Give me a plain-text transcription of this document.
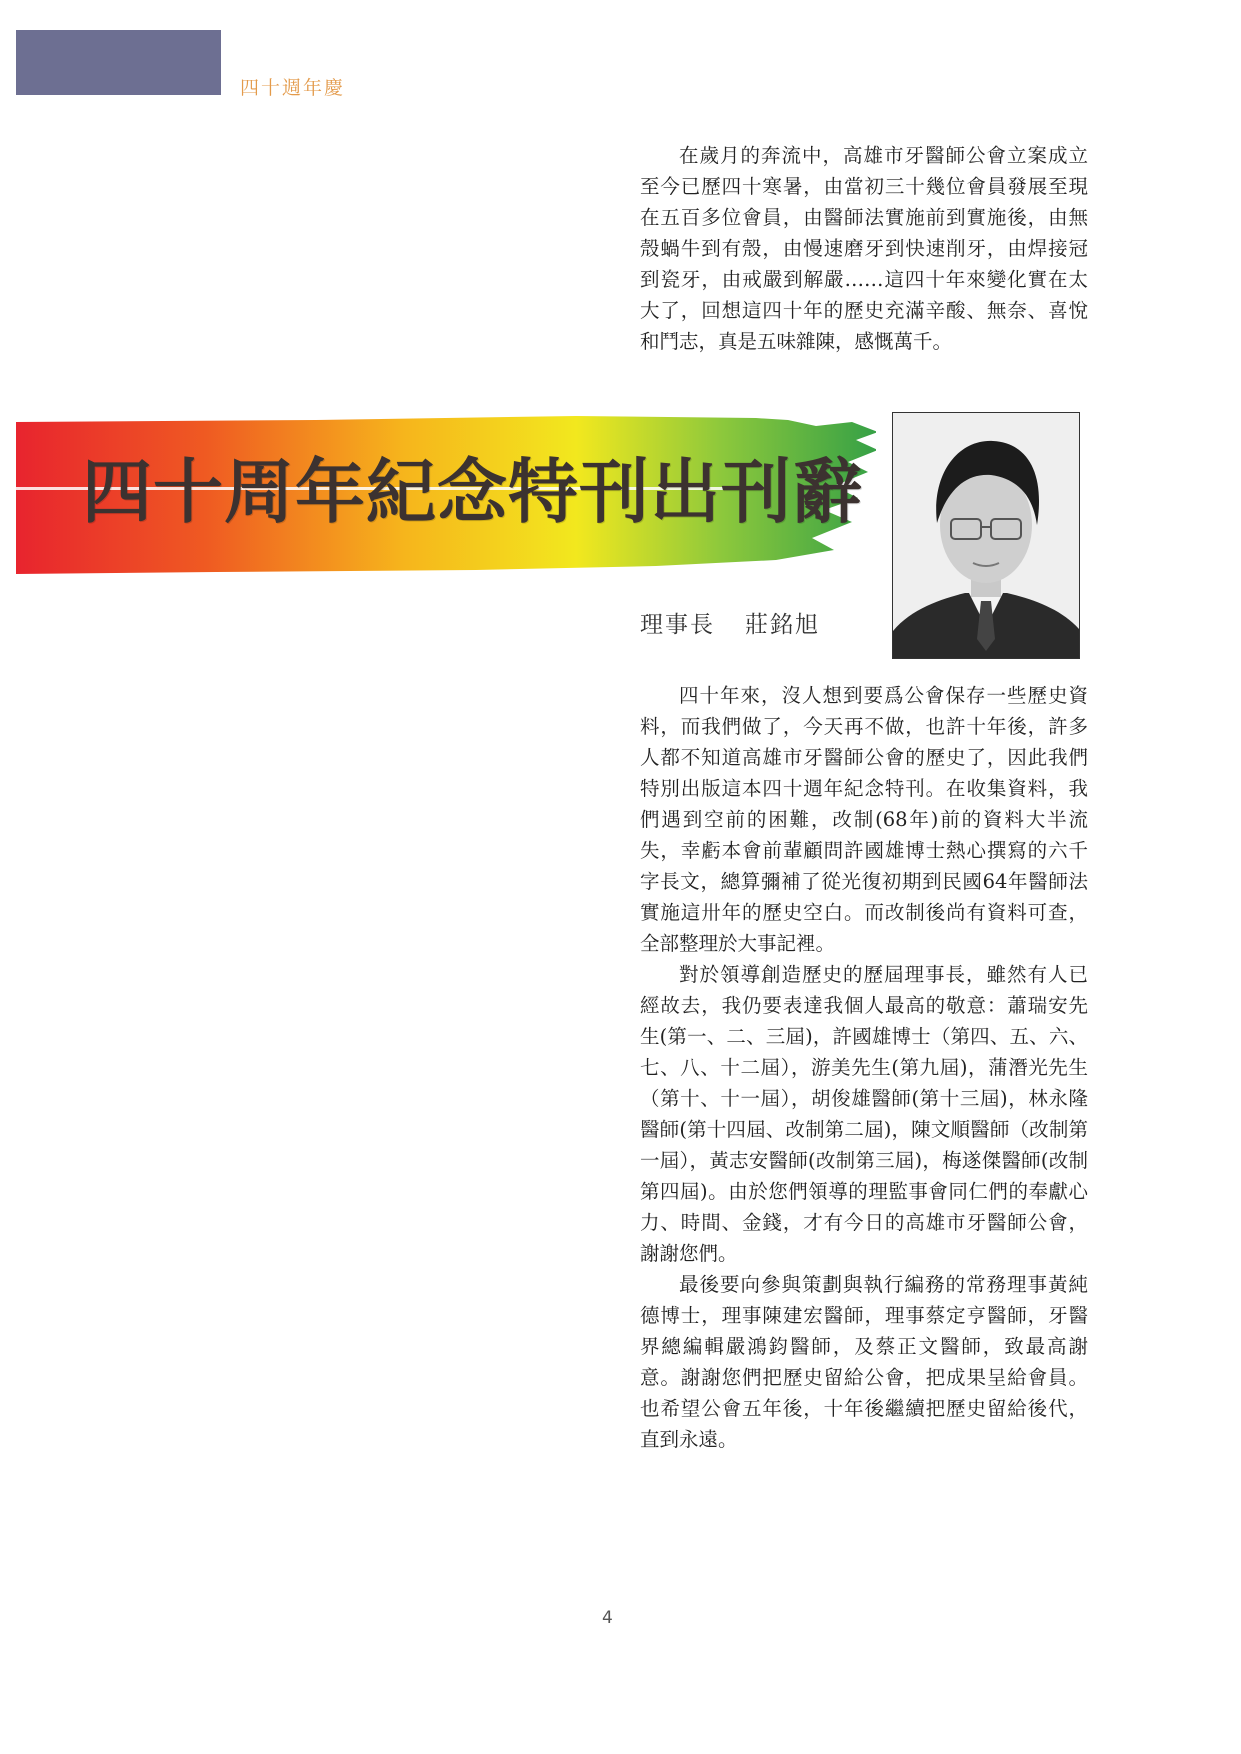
四十週年慶

在歲月的奔流中，高雄市牙醫師公會立案成立至今已歷四十寒暑，由當初三十幾位會員發展至現在五百多位會員，由醫師法實施前到實施後，由無殼蝸牛到有殼，由慢速磨牙到快速削牙，由焊接冠到瓷牙，由戒嚴到解嚴……這四十年來變化實在太大了，回想這四十年的歷史充滿辛酸、無奈、喜悅和鬥志，真是五味雜陳，感慨萬千。

四十周年紀念特刊出刊辭
理事長 莊銘旭

四十年來，沒人想到要爲公會保存一些歷史資料，而我們做了，今天再不做，也許十年後，許多人都不知道高雄市牙醫師公會的歷史了，因此我們特別出版這本四十週年紀念特刊。在收集資料，我們遇到空前的困難，改制(68年)前的資料大半流失，幸虧本會前輩顧問許國雄博士熱心撰寫的六千字長文，總算彌補了從光復初期到民國64年醫師法實施這卅年的歷史空白。而改制後尚有資料可查，全部整理於大事記裡。

對於領導創造歷史的歷屆理事長，雖然有人已經故去，我仍要表達我個人最高的敬意：蕭瑞安先生(第一、二、三屆)，許國雄博士（第四、五、六、七、八、十二屆），游美先生(第九屆)，蒲潛光先生（第十、十一屆），胡俊雄醫師(第十三屆)，林永隆醫師(第十四屆、改制第二屆)，陳文順醫師（改制第一屆），黃志安醫師(改制第三屆)，梅遂傑醫師(改制第四屆)。由於您們領導的理監事會同仁們的奉獻心力、時間、金錢，才有今日的高雄市牙醫師公會，謝謝您們。

最後要向參與策劃與執行編務的常務理事黃純德博士，理事陳建宏醫師，理事蔡定亨醫師，牙醫界總編輯嚴鴻鈞醫師，及蔡正文醫師，致最高謝意。謝謝您們把歷史留給公會，把成果呈給會員。也希望公會五年後，十年後繼續把歷史留給後代，直到永遠。

4
